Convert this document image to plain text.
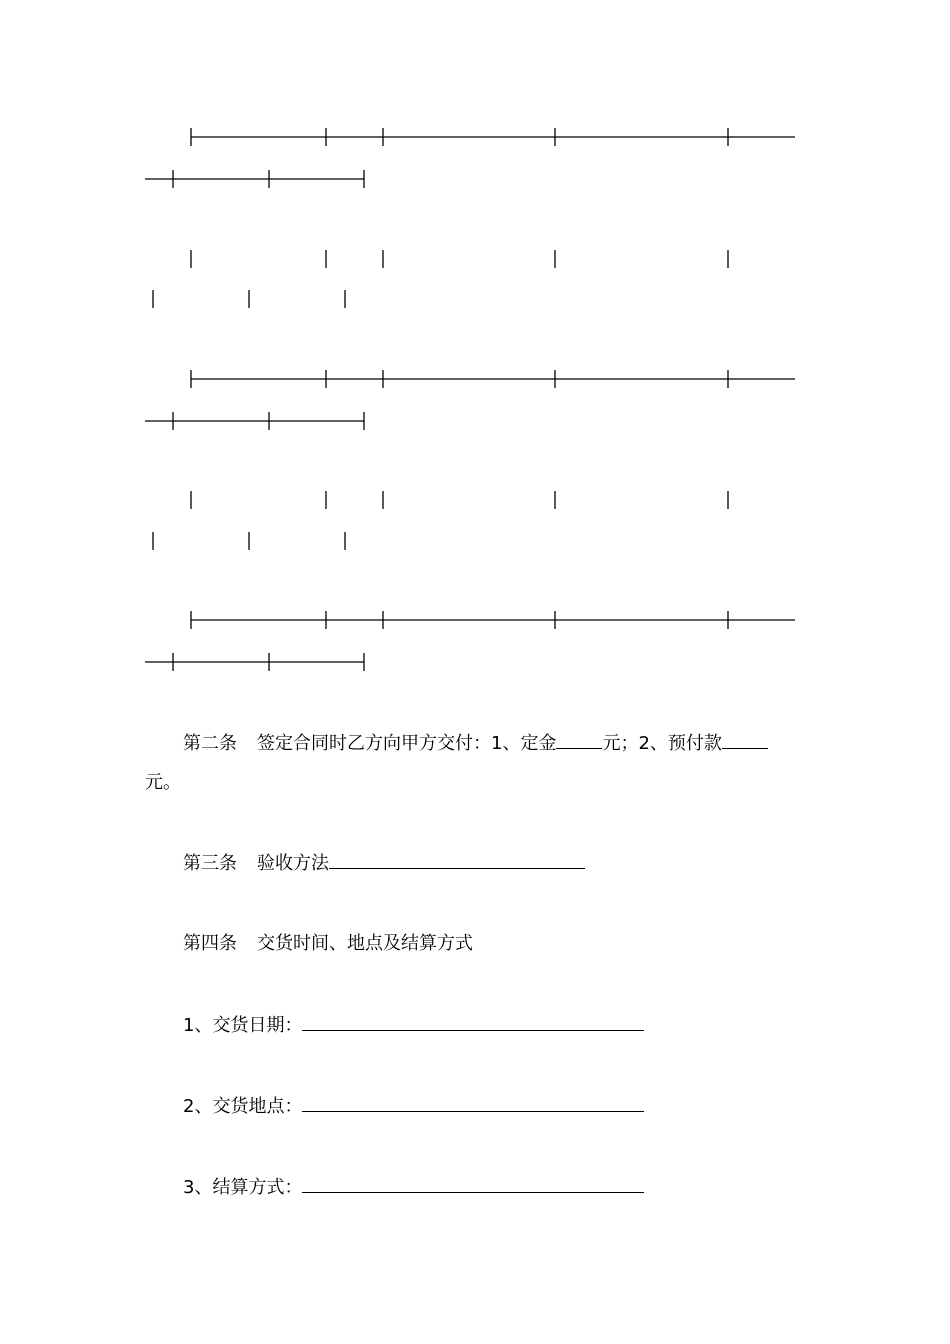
第二条 签定合同时乙方向甲方交付：1、定金	元；2、预付款

元。

第三条 验收方法

第四条 交货时间、地点及结算方式

1、交货日期：

2、交货地点：

3、结算方式：
